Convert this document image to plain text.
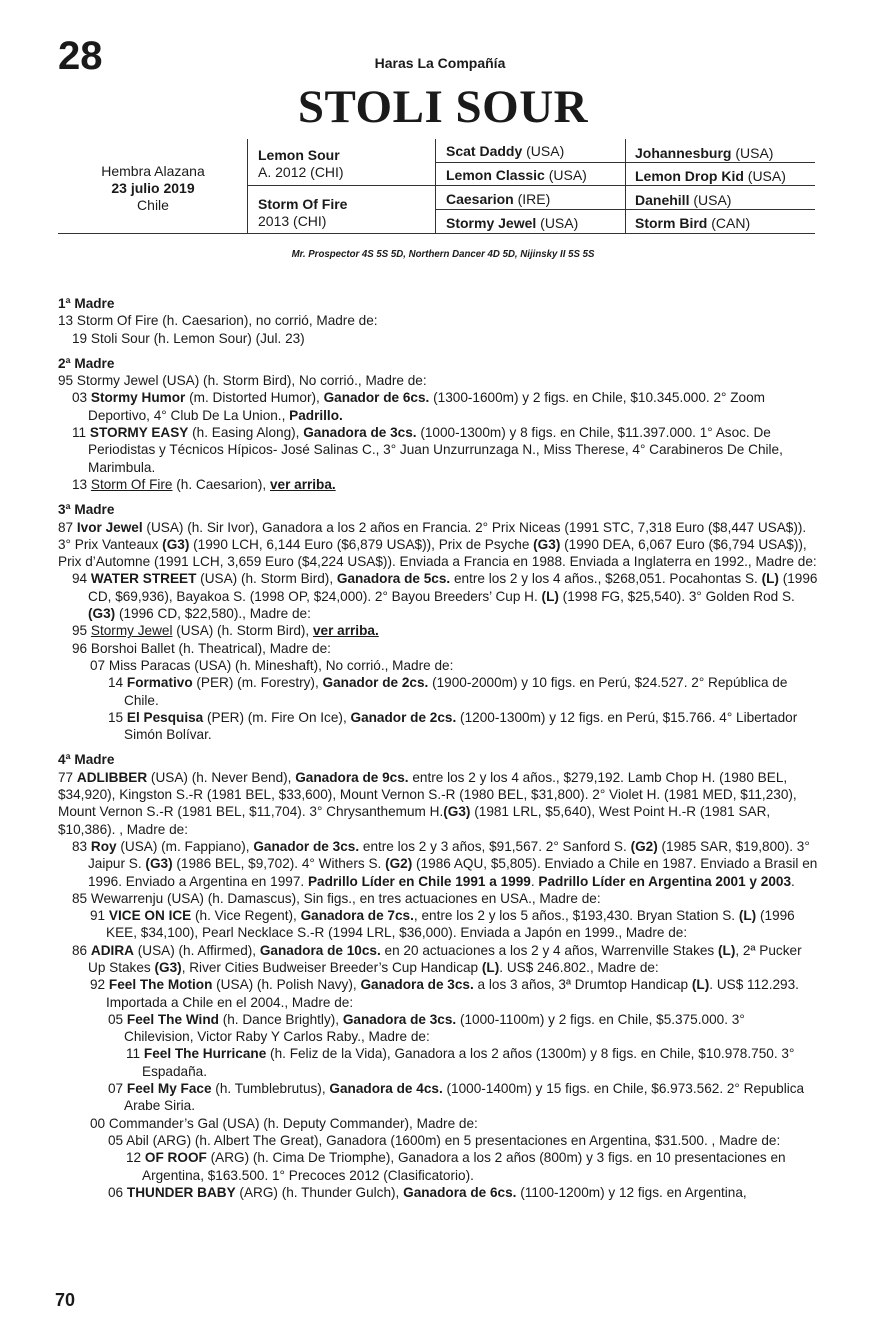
28	Haras La Compañía
STOLI SOUR
Hembra Alazana
23 julio 2019
Chile
Lemon Sour
A. 2012 (CHI)
Storm Of Fire
2013 (CHI)
Scat Daddy (USA)
Lemon Classic (USA)
Caesarion (IRE)
Stormy Jewel (USA)
Johannesburg (USA)
Lemon Drop Kid (USA)
Danehill (USA)
Storm Bird (CAN)
Mr. Prospector 4S 5S 5D, Northern Dancer 4D 5D, Nijinsky II 5S 5S
1ª Madre

13 Storm Of Fire (h. Caesarion), no corrió, Madre de:

19 Stoli Sour (h. Lemon Sour) (Jul. 23)

2ª Madre

95 Stormy Jewel (USA) (h. Storm Bird), No corrió., Madre de:

03 Stormy Humor (m. Distorted Humor), Ganador de 6cs. (1300-1600m) y 2 figs. en Chile, $10.345.000. 2° Zoom Deportivo, 4° Club De La Union., Padrillo.

11 STORMY EASY (h. Easing Along), Ganadora de 3cs. (1000-1300m) y 8 figs. en Chile, $11.397.000. 1° Asoc. De Periodistas y Técnicos Hípicos- José Salinas C., 3° Juan Unzurrunzaga N., Miss Therese, 4° Carabineros De Chile, Marimbula.

13 Storm Of Fire (h. Caesarion), ver arriba.

3ª Madre

87 Ivor Jewel (USA) (h. Sir Ivor), Ganadora a los 2 años en Francia. 2° Prix Niceas (1991 STC, 7,318 Euro ($8,447 USA$)). 3° Prix Vanteaux (G3) (1990 LCH, 6,144 Euro ($6,879 USA$)), Prix de Psyche (G3) (1990 DEA, 6,067 Euro ($6,794 USA$)), Prix d’Automne (1991 LCH, 3,659 Euro ($4,224 USA$)). Enviada a Francia en 1988. Enviada a Inglaterra en 1992., Madre de:

94 WATER STREET (USA) (h. Storm Bird), Ganadora de 5cs. entre los 2 y los 4 años., $268,051. Pocahontas S. (L) (1996 CD, $69,936), Bayakoa S. (1998 OP, $24,000). 2° Bayou Breeders’ Cup H. (L) (1998 FG, $25,540). 3° Golden Rod S. (G3) (1996 CD, $22,580)., Madre de:

95 Stormy Jewel (USA) (h. Storm Bird), ver arriba.

96 Borshoi Ballet (h. Theatrical), Madre de:

07 Miss Paracas (USA) (h. Mineshaft), No corrió., Madre de:

14 Formativo (PER) (m. Forestry), Ganador de 2cs. (1900-2000m) y 10 figs. en Perú, $24.527. 2° República de Chile.

15 El Pesquisa (PER) (m. Fire On Ice), Ganador de 2cs. (1200-1300m) y 12 figs. en Perú, $15.766. 4° Libertador Simón Bolívar.

4ª Madre

77 ADLIBBER (USA) (h. Never Bend), Ganadora de 9cs. entre los 2 y los 4 años., $279,192. Lamb Chop H. (1980 BEL, $34,920), Kingston S.-R (1981 BEL, $33,600), Mount Vernon S.-R (1980 BEL, $31,800). 2° Violet H. (1981 MED, $11,230), Mount Vernon S.-R (1981 BEL, $11,704). 3° Chrysanthemum H.(G3) (1981 LRL, $5,640), West Point H.-R (1981 SAR, $10,386). , Madre de:

83 Roy (USA) (m. Fappiano), Ganador de 3cs. entre los 2 y 3 años, $91,567. 2° Sanford S. (G2) (1985 SAR, $19,800). 3° Jaipur S. (G3) (1986 BEL, $9,702). 4° Withers S. (G2) (1986 AQU, $5,805). Enviado a Chile en 1987. Enviado a Brasil en 1996. Enviado a Argentina en 1997. Padrillo Líder en Chile 1991 a 1999. Padrillo Líder en Argentina 2001 y 2003.

85 Wewarrenju (USA) (h. Damascus), Sin figs., en tres actuaciones en USA., Madre de:

91 VICE ON ICE (h. Vice Regent), Ganadora de 7cs., entre los 2 y los 5 años., $193,430. Bryan Station S. (L) (1996 KEE, $34,100), Pearl Necklace S.-R (1994 LRL, $36,000). Enviada a Japón en 1999., Madre de:

86 ADIRA (USA) (h. Affirmed), Ganadora de 10cs. en 20 actuaciones a los 2 y 4 años, Warrenville Stakes (L), 2ª Pucker Up Stakes (G3), River Cities Budweiser Breeder’s Cup Handicap (L). US$ 246.802., Madre de:

92 Feel The Motion (USA) (h. Polish Navy), Ganadora de 3cs. a los 3 años, 3ª Drumtop Handicap (L). US$ 112.293. Importada a Chile en el 2004., Madre de:

05 Feel The Wind (h. Dance Brightly), Ganadora de 3cs. (1000-1100m) y 2 figs. en Chile, $5.375.000. 3° Chilevision, Victor Raby Y Carlos Raby., Madre de:

11 Feel The Hurricane (h. Feliz de la Vida), Ganadora a los 2 años (1300m) y 8 figs. en Chile, $10.978.750. 3° Espadaña.

07 Feel My Face (h. Tumblebrutus), Ganadora de 4cs. (1000-1400m) y 15 figs. en Chile, $6.973.562. 2° Republica Arabe Siria.

00 Commander’s Gal (USA) (h. Deputy Commander), Madre de:

05 Abil (ARG) (h. Albert The Great), Ganadora (1600m) en 5 presentaciones en Argentina, $31.500. , Madre de:

12 OF ROOF (ARG) (h. Cima De Triomphe), Ganadora a los 2 años (800m) y 3 figs. en 10 presentaciones en Argentina, $163.500. 1° Precoces 2012 (Clasificatorio).

06 THUNDER BABY (ARG) (h. Thunder Gulch), Ganadora de 6cs. (1100-1200m) y 12 figs. en Argentina,

70
